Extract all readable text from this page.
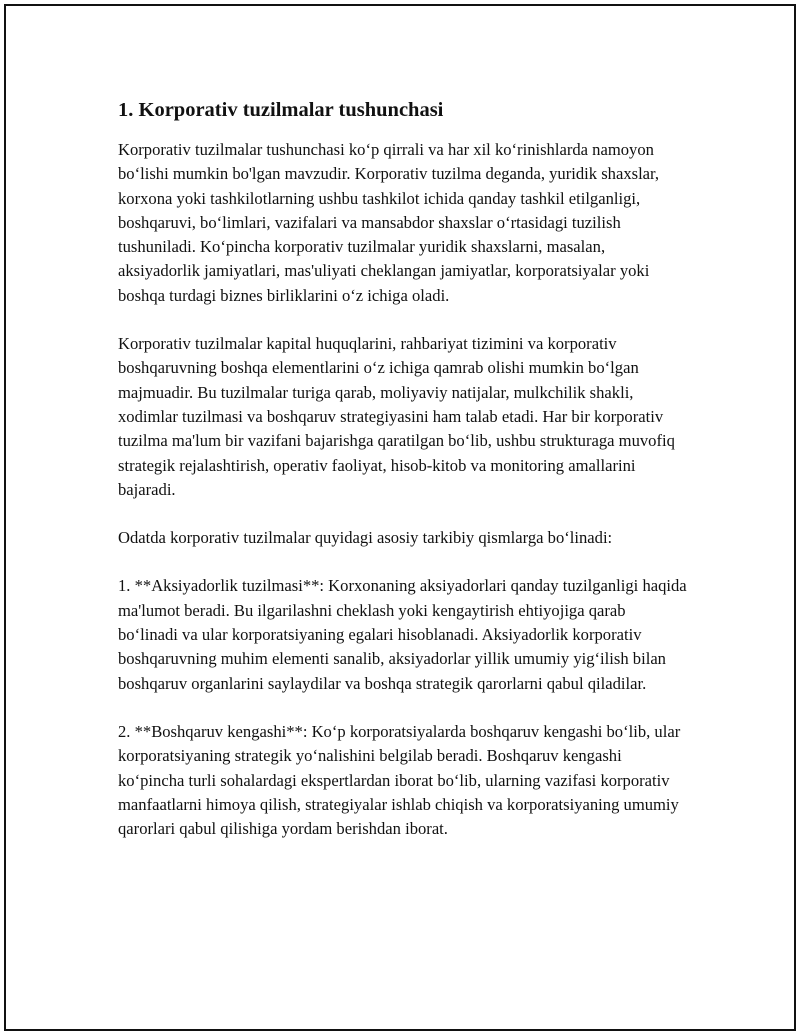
1. Korporativ tuzilmalar tushunchasi

Korporativ tuzilmalar tushunchasi ko‘p qirrali va har xil ko‘rinishlarda namoyon bo‘lishi mumkin bo'lgan mavzudir. Korporativ tuzilma deganda, yuridik shaxslar, korxona yoki tashkilotlarning ushbu tashkilot ichida qanday tashkil etilganligi, boshqaruvi, bo‘limlari, vazifalari va mansabdor shaxslar o‘rtasidagi tuzilish tushuniladi. Ko‘pincha korporativ tuzilmalar yuridik shaxslarni, masalan, aksiyadorlik jamiyatlari, mas'uliyati cheklangan jamiyatlar, korporatsiyalar yoki boshqa turdagi biznes birliklarini o‘z ichiga oladi.

Korporativ tuzilmalar kapital huquqlarini, rahbariyat tizimini va korporativ boshqaruvning boshqa elementlarini o‘z ichiga qamrab olishi mumkin bo‘lgan majmuadir. Bu tuzilmalar turiga qarab, moliyaviy natijalar, mulkchilik shakli, xodimlar tuzilmasi va boshqaruv strategiyasini ham talab etadi. Har bir korporativ tuzilma ma'lum bir vazifani bajarishga qaratilgan bo‘lib, ushbu strukturaga muvofiq strategik rejalashtirish, operativ faoliyat, hisob-kitob va monitoring amallarini bajaradi.

Odatda korporativ tuzilmalar quyidagi asosiy tarkibiy qismlarga bo‘linadi:

1. **Aksiyadorlik tuzilmasi**: Korxonaning aksiyadorlari qanday tuzilganligi haqida ma'lumot beradi. Bu ilgarilashni cheklash yoki kengaytirish ehtiyojiga qarab bo‘linadi va ular korporatsiyaning egalari hisoblanadi. Aksiyadorlik korporativ boshqaruvning muhim elementi sanalib, aksiyadorlar yillik umumiy yig‘ilish bilan boshqaruv organlarini saylaydilar va boshqa strategik qarorlarni qabul qiladilar.

2. **Boshqaruv kengashi**: Ko‘p korporatsiyalarda boshqaruv kengashi bo‘lib, ular korporatsiyaning strategik yo‘nalishini belgilab beradi. Boshqaruv kengashi ko‘pincha turli sohalardagi ekspertlardan iborat bo‘lib, ularning vazifasi korporativ manfaatlarni himoya qilish, strategiyalar ishlab chiqish va korporatsiyaning umumiy qarorlari qabul qilishiga yordam berishdan iborat.
